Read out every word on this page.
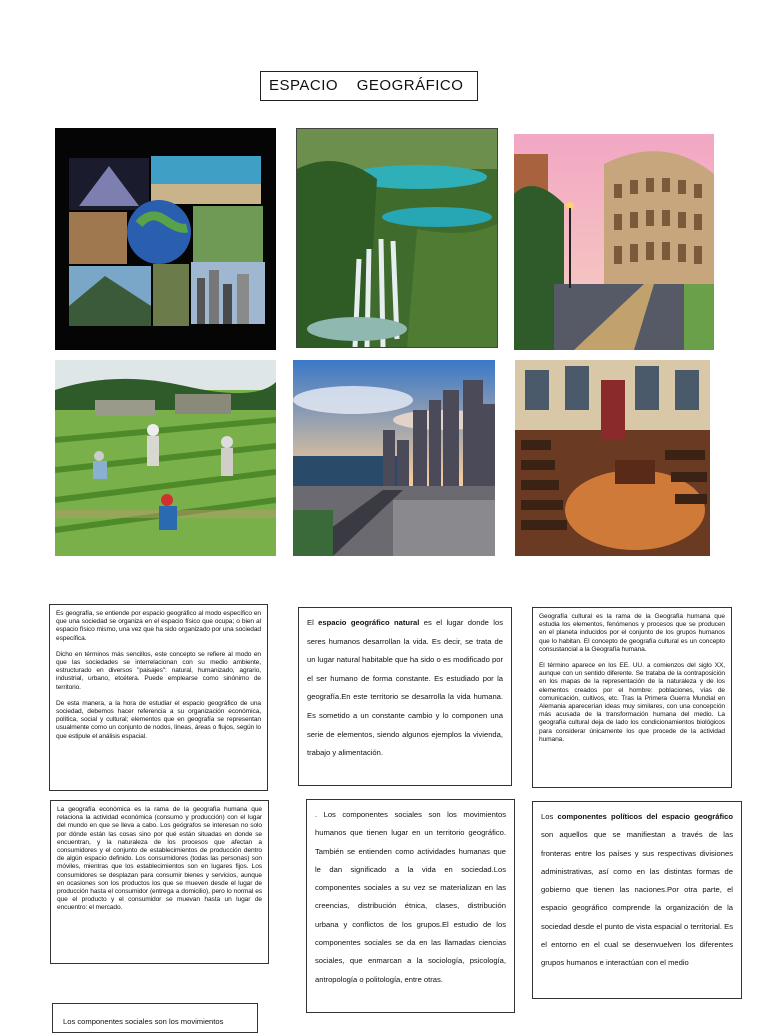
ESPACIO    GEOGRÁFICO

Es geografía, se entiende por espacio geográfico al modo específico en que una sociedad se organiza en el espacio físico que ocupa; o bien al espacio físico mismo, una vez que ha sido organizado por una sociedad específica.

Dicho en términos más sencillos, este concepto se refiere al modo en que las sociedades se interrelacionan con su medio ambiente, estructurado en diversos "paisajes": natural, humanizado, agrario, industrial, urbano, etcétera. Puede emplearse como sinónimo de territorio.

De esta manera, a la hora de estudiar el espacio geográfico de una sociedad, debemos hacer referencia a su organización económica, política, social y cultural; elementos que en geografía se representan usualmente como un conjunto de nodos, líneas, áreas o flujos, según lo que estipule el análisis espacial.

El espacio geográfico natural es el lugar donde los seres humanos desarrollan la vida. Es decir, se trata de un lugar natural habitable que ha sido o es modificado por el ser humano de forma constante. Es estudiado por la geografía.En este territorio se desarrolla la vida humana. Es sometido a un constante cambio y lo componen una serie de elementos, siendo algunos ejemplos la vivienda, trabajo y alimentación.

Geografía cultural es la rama de la Geografía humana que estudia los elementos, fenómenos y procesos que se producen en el planeta inducidos por el conjunto de los grupos humanos que lo habitan. El concepto de geografía cultural es un concepto consustancial a la Geografía humana.

El término aparece en los EE. UU. a comienzos del siglo XX, aunque con un sentido diferente. Se trataba de la contraposición en los mapas de la representación de la naturaleza y de los elementos creados por el hombre: poblaciones, vías de comunicación, cultivos, etc. Tras la Primera Guerra Mundial en Alemania aparecerían ideas muy similares, con una concepción más acusada de la transformación humana del medio. La geografía cultural deja de lado los condicionamientos biológicos para considerar únicamente los que procede de la actividad humana.

La geografía económica es la rama de la geografía humana que relaciona la actividad económica (consumo y producción) con el lugar del mundo en que se lleva a cabo. Los geógrafos se interesan no solo por dónde están las cosas sino por qué están situadas en donde se encuentran, y la naturaleza de los procesos que afectan a consumidores y el conjunto de establecimientos de producción dentro de algún espacio definido. Los consumidores (todas las personas) son móviles, mientras que los establecimientos son en lugares fijos. Los consumidores se desplazan para consumir bienes y servicios, aunque en ocasiones son los productos los que se mueven desde el lugar de producción hasta el consumidor (entrega a domicilio), pero lo normal es que el producto y el consumidor se muevan hasta un lugar de encuentro: el mercado.

. Los componentes sociales son los movimientos humanos que tienen lugar en un territorio geográfico. También se entienden como actividades humanas que le dan significado a la vida en sociedad.Los componentes sociales a su vez se materializan en las creencias, distribución étnica, clases, distribución urbana y conflictos de los grupos.El estudio de los componentes sociales se da en las llamadas ciencias sociales, que enmarcan a la sociología, psicología, antropología o politología, entre otras.

Los componentes políticos del espacio geográfico son aquellos que se manifiestan a través de las fronteras entre los países y sus respectivas divisiones administrativas, así como en las distintas formas de gobierno que tienen las naciones.Por otra parte, el espacio geográfico comprende la organización de la sociedad desde el punto de vista espacial o territorial. Es el entorno en el cual se desenvuelven los diferentes grupos humanos e interactúan con el medio

Los componentes sociales son los movimientos
